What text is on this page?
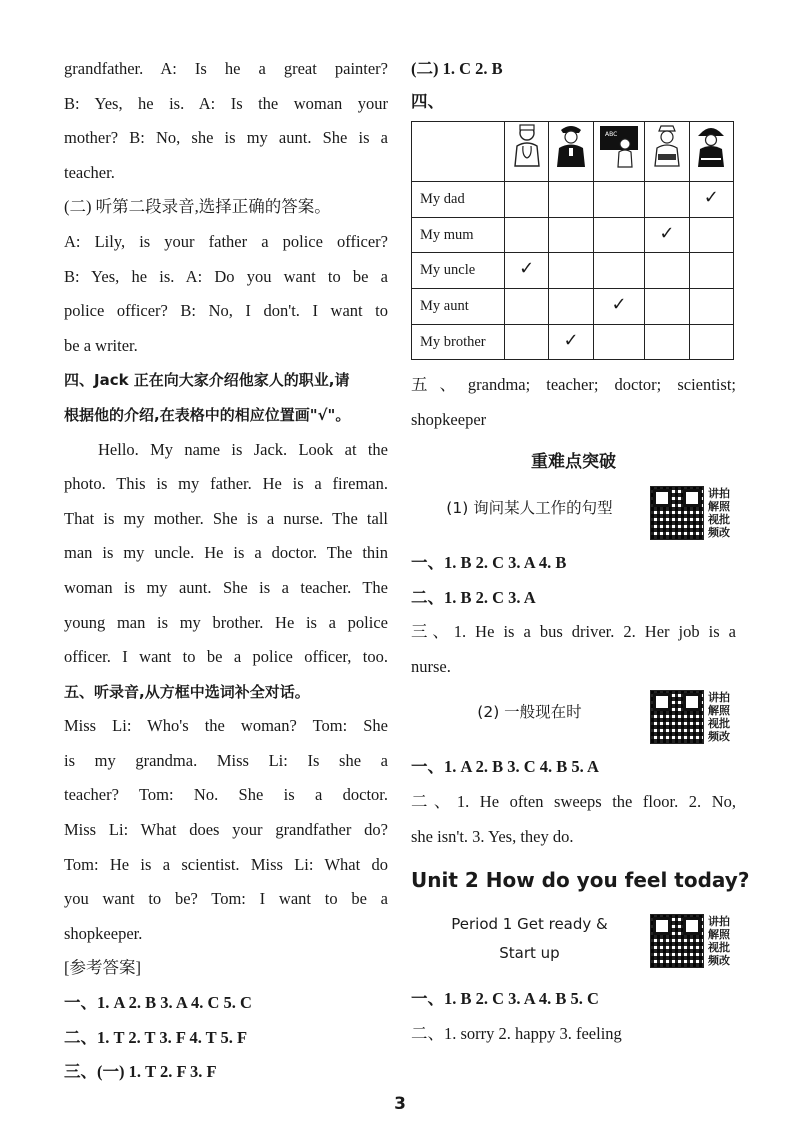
grandfather. A: Is he a great painter?
B: Yes, he is. A: Is the woman your
mother? B: No, she is my aunt. She is a
teacher.
(二) 听第二段录音,选择正确的答案。
A: Lily, is your father a police officer?
B: Yes, he is. A: Do you want to be a
police officer? B: No, I don't. I want to
be a writer.
四、Jack 正在向大家介绍他家人的职业,请
根据他的介绍,在表格中的相应位置画"√"。
Hello. My name is Jack. Look at the
photo. This is my father. He is a fireman.
That is my mother. She is a nurse. The tall
man is my uncle. He is a doctor. The thin
woman is my aunt. She is a teacher. The
young man is my brother. He is a police
officer. I want to be a police officer, too.
五、听录音,从方框中选词补全对话。
Miss Li: Who's the woman? Tom: She
is my grandma. Miss Li: Is she a
teacher? Tom: No. She is a doctor.
Miss Li: What does your grandfather do?
Tom: He is a scientist. Miss Li: What do
you want to be? Tom: I want to be a
shopkeeper.
[参考答案]
一、1. A 2. B 3. A 4. C 5. C
二、1. T 2. T 3. F 4. T 5. F
三、(一) 1. T 2. F 3. F
(二) 1. C 2. B
四、

ABC

My dad					✓
My mum				✓	
My uncle	✓				
My aunt			✓		
My brother		✓			
五、grandma; teacher; doctor; scientist;
shopkeeper
重难点突破
(1) 询问某人工作的句型
讲拍
解照
视批
频改
一、1. B 2. C 3. A 4. B
二、1. B 2. C 3. A
三、1. He is a bus driver. 2. Her job is a
nurse.
(2) 一般现在时
讲拍
解照
视批
频改
一、1. A 2. B 3. C 4. B 5. A
二、1. He often sweeps the floor. 2. No,
she isn't. 3. Yes, they do.
Unit 2 How do you feel today?
Period 1 Get ready &
Start up
讲拍
解照
视批
频改
一、1. B 2. C 3. A 4. B 5. C
二、1. sorry 2. happy 3. feeling
3
